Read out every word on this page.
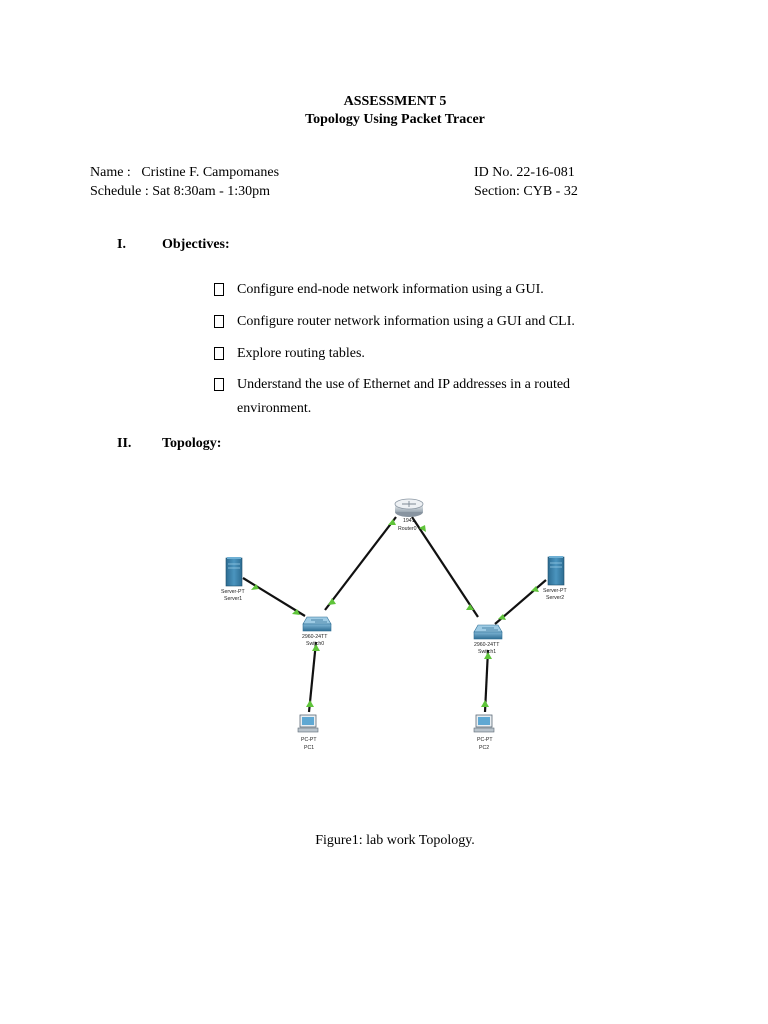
ASSESSMENT 5
Topology Using Packet Tracer
Name :   Cristine F. Campomanes	ID No. 22-16-081
Schedule : Sat 8:30am - 1:30pm	Section: CYB - 32
I.	Objectives:
Configure end-node network information using a GUI.
Configure router network information using a GUI and CLI.
Explore routing tables.
Understand the use of Ethernet and IP addresses in a routed environment.
II. Topology:
1941
Router0
2960-24TT
Switch0	2960-24TT
Switch1
Server-PT
Server1
Server-PT
Server2
PC-PT
PC1
PC-PT
PC2
Figure1: lab work Topology.
